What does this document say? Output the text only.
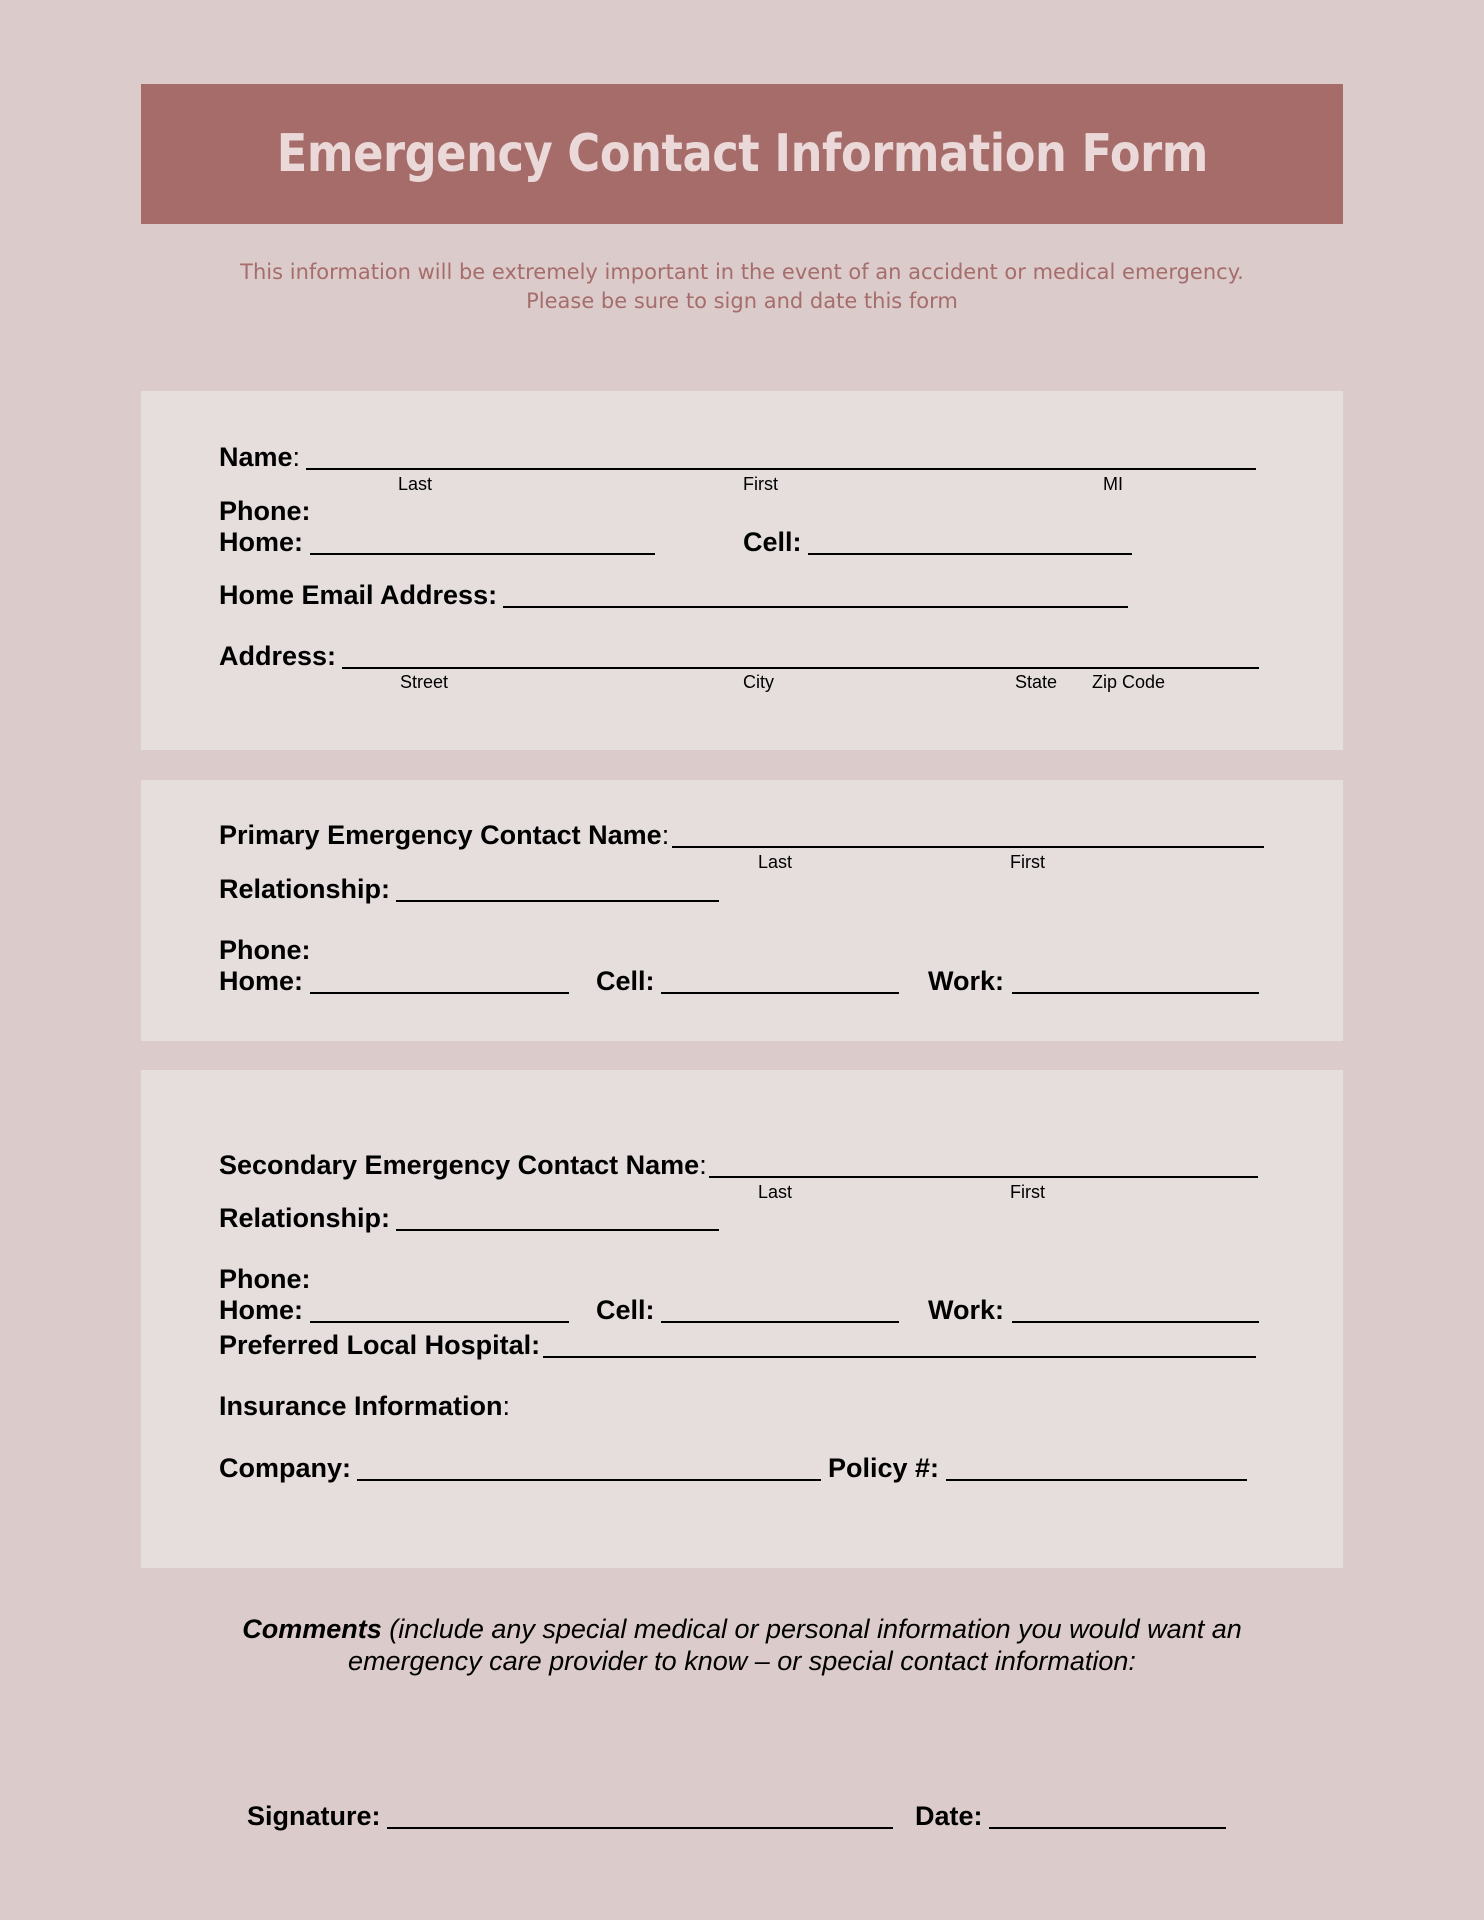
Emergency Contact Information Form
This information will be extremely important in the event of an accident or medical emergency.
Please be sure to sign and date this form
Name:
Last	First	MI
Phone:
Home:	Cell:
Home Email Address:
Address:
Street	City	State Zip Code
Primary Emergency Contact Name:
Last	First
Relationship:
Phone:
Home:	Cell:	Work:
Secondary Emergency Contact Name:
Last	First
Relationship:
Phone:
Home:	Cell:	Work:
Preferred Local Hospital:
Insurance Information:
Company:	Policy #:
Comments (include any special medical or personal information you would want an
emergency care provider to know – or special contact information:
Signature:	Date:
